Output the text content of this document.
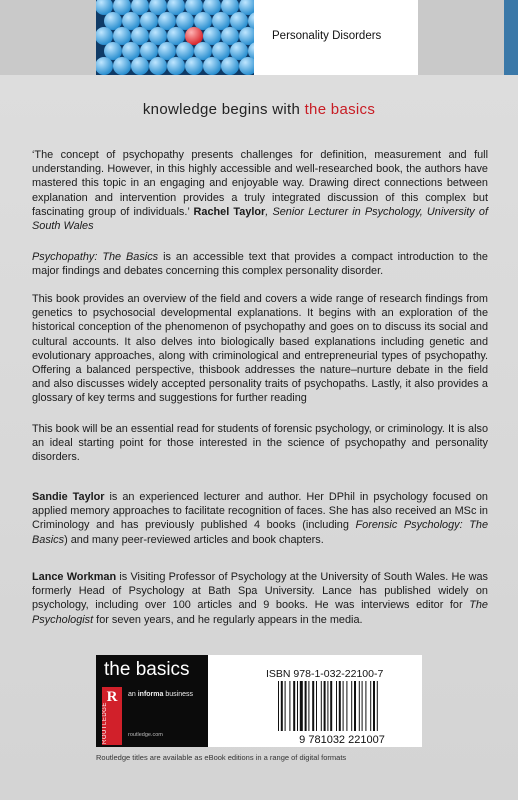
Personality Disorders
knowledge begins with the basics

‘The concept of psychopathy presents challenges for definition, measurement and full understanding. However, in this highly accessible and well-researched book, the authors have mastered this topic in an engaging and enjoyable way. Drawing direct connections between explanation and intervention provides a truly integrated discussion of this complex but fascinating group of individuals.’ Rachel Taylor, Senior Lecturer in Psychology, University of South Wales

Psychopathy: The Basics is an accessible text that provides a compact introduction to the major findings and debates concerning this complex personality disorder.

This book provides an overview of the field and covers a wide range of research findings from genetics to psychosocial developmental explanations. It begins with an exploration of the historical conception of the phenomenon of psychopathy and goes on to discuss its social and cultural accounts. It also delves into biologically based explanations including genetic and evolutionary approaches, along with criminological and entrepreneurial types of psychopathy. Offering a balanced perspective, thisbook addresses the nature–nurture debate in the field and also discusses widely accepted personality traits of psychopaths. Lastly, it also provides a glossary of key terms and suggestions for further reading

This book will be an essential read for students of forensic psychology, or criminology. It is also an ideal starting point for those interested in the science of psychopathy and personality disorders.

Sandie Taylor is an experienced lecturer and author. Her DPhil in psychology focused on applied memory approaches to facilitate recognition of faces. She has also received an MSc in Criminology and has previously published 4 books (including Forensic Psychology: The Basics) and many peer-reviewed articles and book chapters.

Lance Workman is Visiting Professor of Psychology at the University of South Wales. He was formerly Head of Psychology at Bath Spa University. Lance has published widely on psychology, including over 100 articles and 9 books. He was interviews editor for The Psychologist for seven years, and he regularly appears in the media.

the basics
R
ROUTLEDGE
an informa business
routledge.com
ISBN 978-1-032-22100-7
9 781032 221007
Routledge titles are available as eBook editions in a range of digital formats
